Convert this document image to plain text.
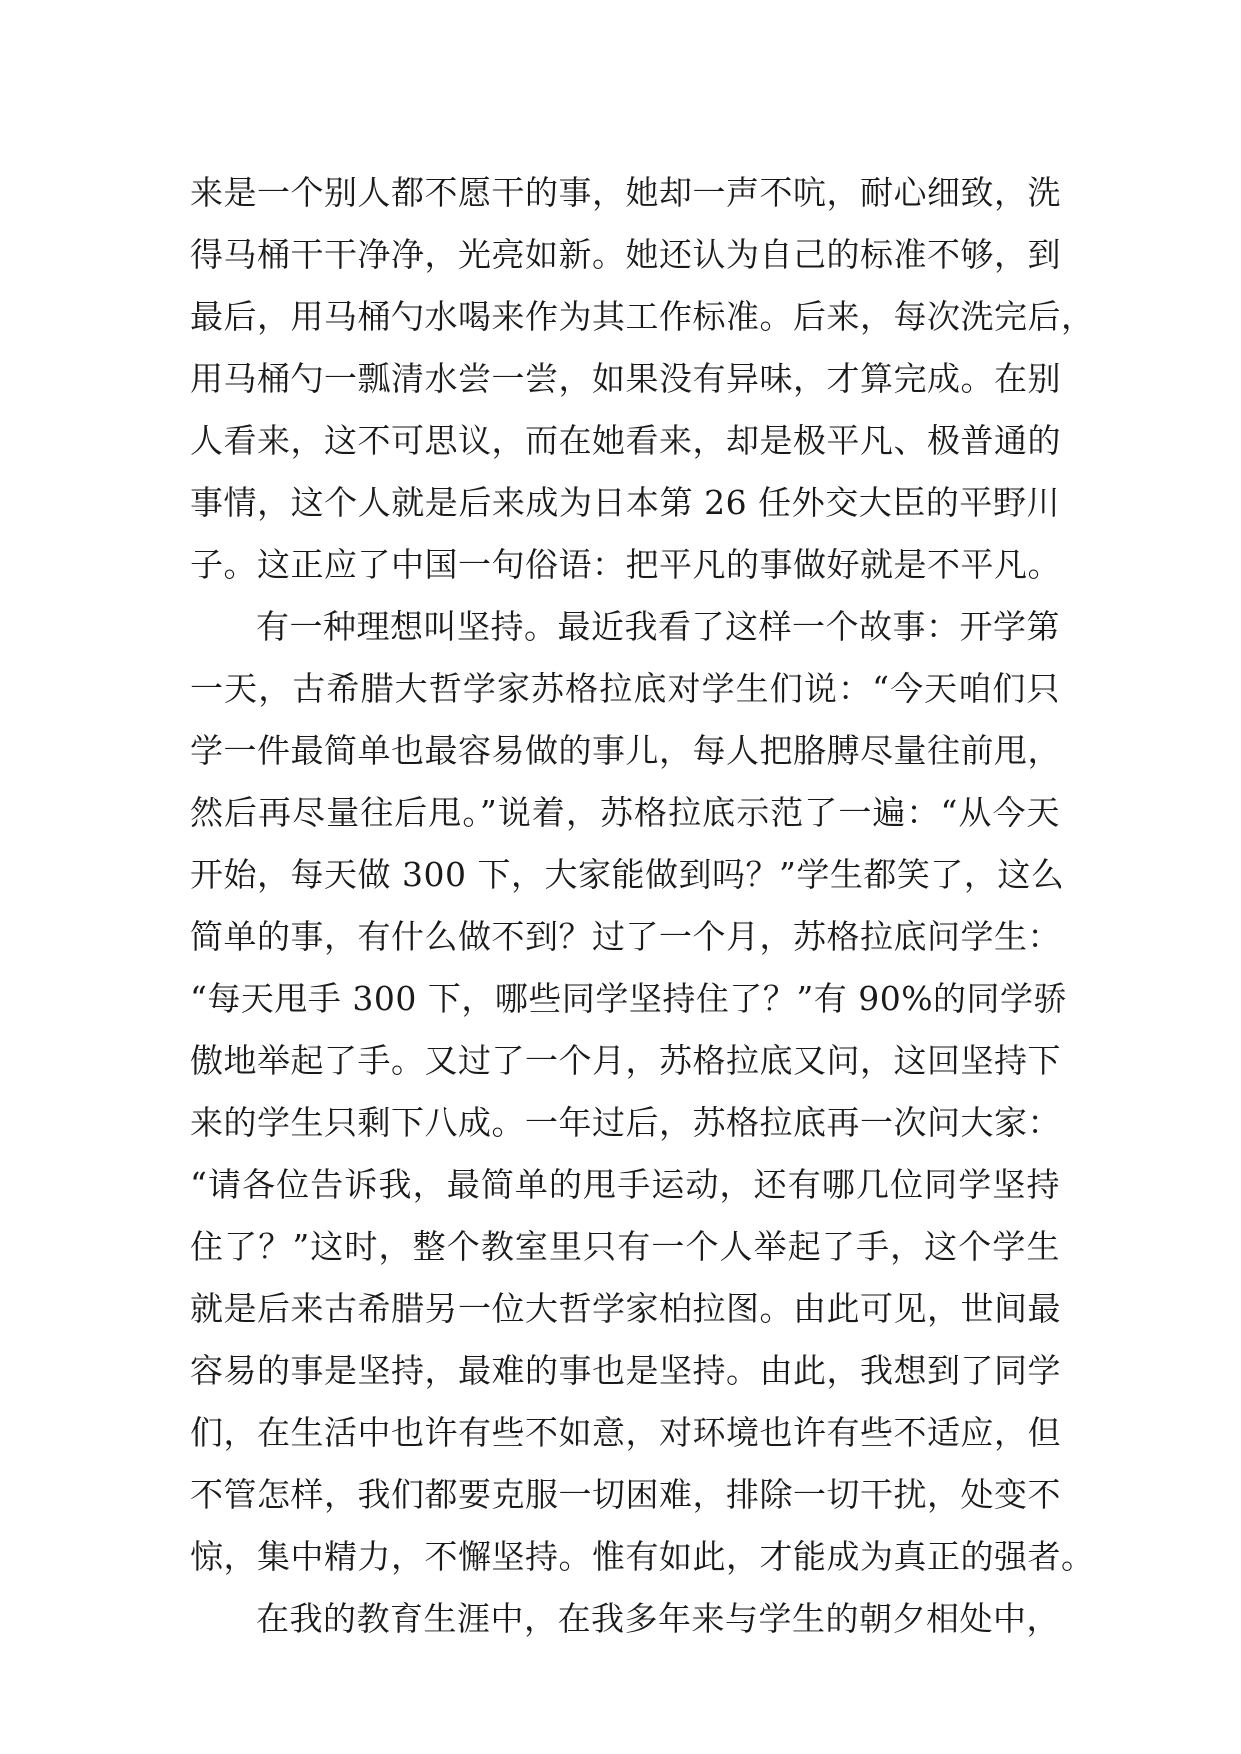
来是一个别人都不愿干的事，她却一声不吭，耐心细致，洗
得马桶干干净净，光亮如新。她还认为自己的标准不够，到
最后，用马桶勺水喝来作为其工作标准。后来，每次洗完后，
用马桶勺一瓢清水尝一尝，如果没有异味，才算完成。在别
人看来，这不可思议，而在她看来，却是极平凡、极普通的
事情，这个人就是后来成为日本第 26 任外交大臣的平野川
子。这正应了中国一句俗语：把平凡的事做好就是不平凡。
有一种理想叫坚持。最近我看了这样一个故事：开学第
一天，古希腊大哲学家苏格拉底对学生们说：“今天咱们只
学一件最简单也最容易做的事儿，每人把胳膊尽量往前甩，
然后再尽量往后甩。”说着，苏格拉底示范了一遍：“从今天
开始，每天做 300 下，大家能做到吗？”学生都笑了，这么
简单的事，有什么做不到？过了一个月，苏格拉底问学生：
“每天甩手 300 下，哪些同学坚持住了？”有 90%的同学骄
傲地举起了手。又过了一个月，苏格拉底又问，这回坚持下
来的学生只剩下八成。一年过后，苏格拉底再一次问大家：
“请各位告诉我，最简单的甩手运动，还有哪几位同学坚持
住了？”这时，整个教室里只有一个人举起了手，这个学生
就是后来古希腊另一位大哲学家柏拉图。由此可见，世间最
容易的事是坚持，最难的事也是坚持。由此，我想到了同学
们，在生活中也许有些不如意，对环境也许有些不适应，但
不管怎样，我们都要克服一切困难，排除一切干扰，处变不
惊，集中精力，不懈坚持。惟有如此，才能成为真正的强者。
在我的教育生涯中，在我多年来与学生的朝夕相处中，
